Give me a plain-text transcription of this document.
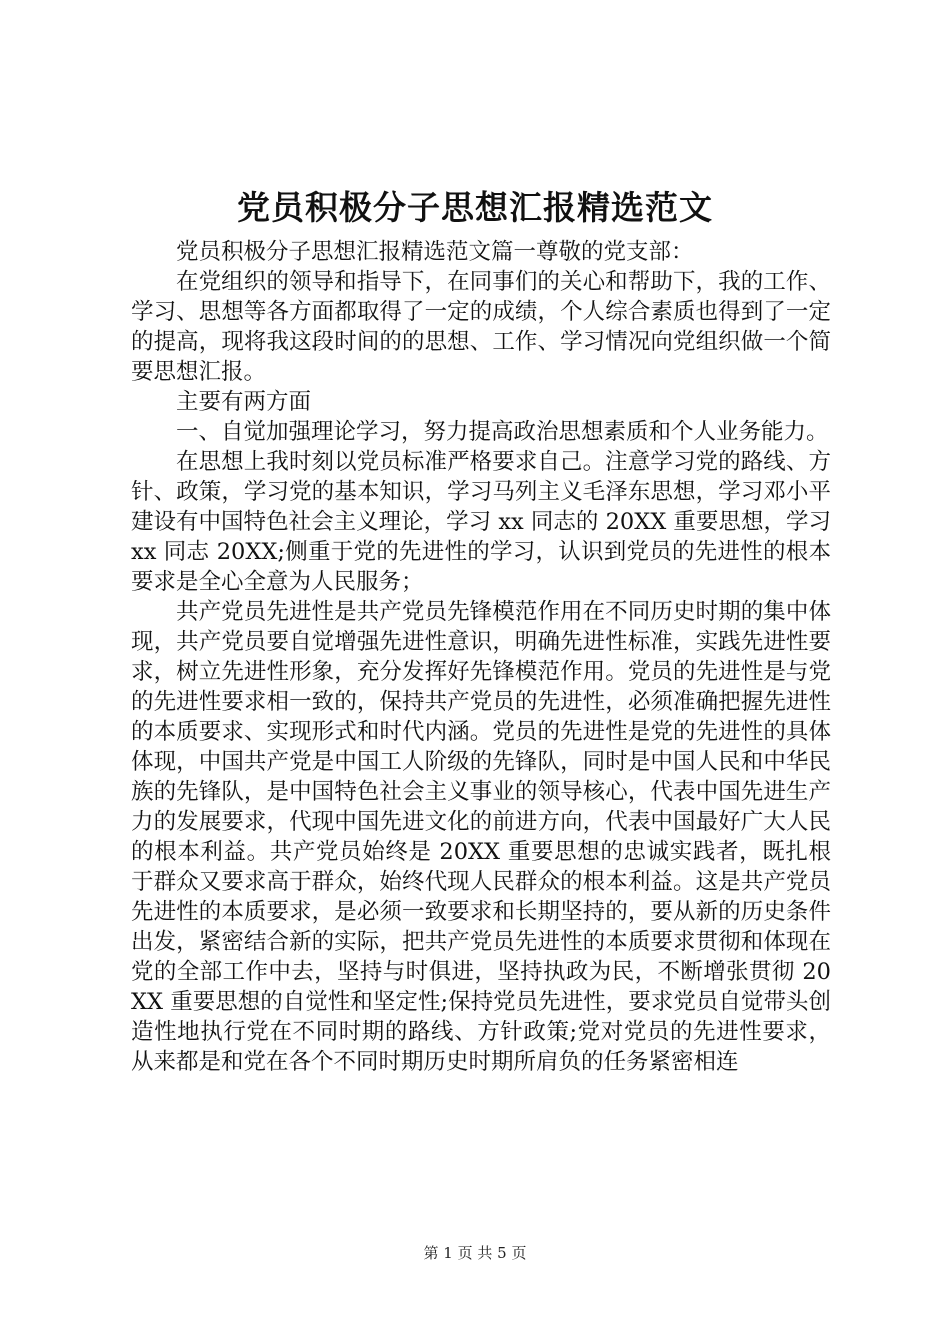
党员积极分子思想汇报精选范文

党员积极分子思想汇报精选范文篇一尊敬的党支部：

在党组织的领导和指导下，在同事们的关心和帮助下，我的工作、学习、思想等各方面都取得了一定的成绩，个人综合素质也得到了一定的提高，现将我这段时间的的思想、工作、学习情况向党组织做一个简要思想汇报。

主要有两方面

一、自觉加强理论学习，努力提高政治思想素质和个人业务能力。

在思想上我时刻以党员标准严格要求自己。注意学习党的路线、方针、政策，学习党的基本知识，学习马列主义毛泽东思想，学习邓小平建设有中国特色社会主义理论，学习 xx 同志的 20XX 重要思想，学习 xx 同志 20XX;侧重于党的先进性的学习，认识到党员的先进性的根本要求是全心全意为人民服务；

共产党员先进性是共产党员先锋模范作用在不同历史时期的集中体现，共产党员要自觉增强先进性意识，明确先进性标准，实践先进性要求，树立先进性形象，充分发挥好先锋模范作用。党员的先进性是与党的先进性要求相一致的，保持共产党员的先进性，必须准确把握先进性的本质要求、实现形式和时代内涵。党员的先进性是党的先进性的具体体现，中国共产党是中国工人阶级的先锋队，同时是中国人民和中华民族的先锋队，是中国特色社会主义事业的领导核心，代表中国先进生产力的发展要求，代现中国先进文化的前进方向，代表中国最好广大人民的根本利益。共产党员始终是 20XX 重要思想的忠诚实践者，既扎根于群众又要求高于群众，始终代现人民群众的根本利益。这是共产党员先进性的本质要求，是必须一致要求和长期坚持的，要从新的历史条件出发，紧密结合新的实际，把共产党员先进性的本质要求贯彻和体现在党的全部工作中去，坚持与时俱进，坚持执政为民，不断增张贯彻 20XX 重要思想的自觉性和坚定性;保持党员先进性，要求党员自觉带头创造性地执行党在不同时期的路线、方针政策;党对党员的先进性要求，从来都是和党在各个不同时期历史时期所肩负的任务紧密相连

第 1 页 共 5 页
